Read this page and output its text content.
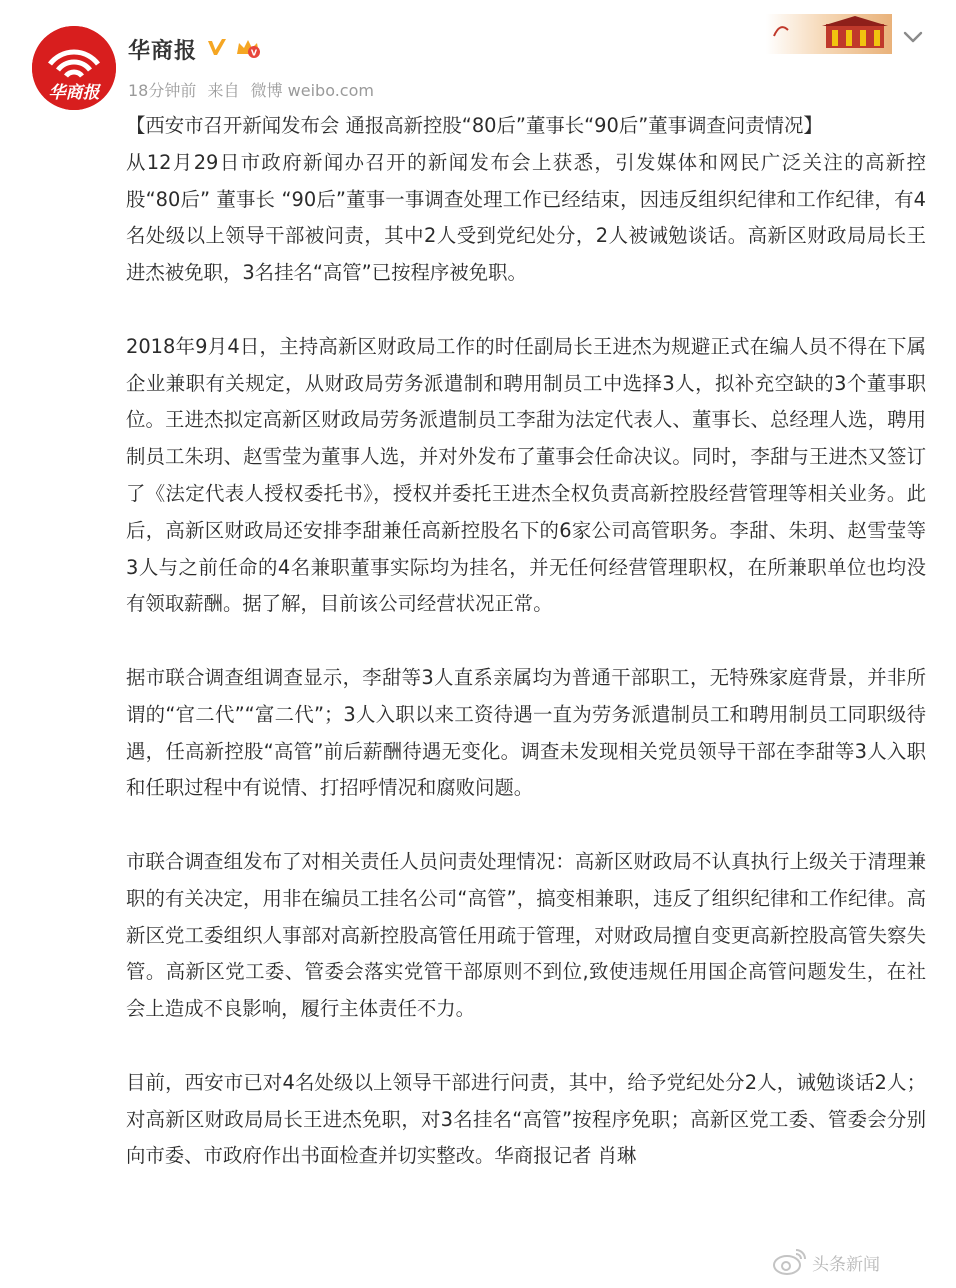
华商报
华商报	V
18分钟前 来自 微博 weibo.com

【西安市召开新闻发布会 通报高新控股“80后”董事长“90后”董事调查问责情况】

从12月29日市政府新闻办召开的新闻发布会上获悉，引发媒体和网民广泛关注的高新控股“80后” 董事长 “90后”董事一事调查处理工作已经结束，因违反组织纪律和工作纪律，有4名处级以上领导干部被问责，其中2人受到党纪处分，2人被诫勉谈话。高新区财政局局长王进杰被免职，3名挂名“高管”已按程序被免职。

2018年9月4日，主持高新区财政局工作的时任副局长王进杰为规避正式在编人员不得在下属企业兼职有关规定，从财政局劳务派遣制和聘用制员工中选择3人，拟补充空缺的3个董事职位。王进杰拟定高新区财政局劳务派遣制员工李甜为法定代表人、董事长、总经理人选，聘用制员工朱玥、赵雪莹为董事人选，并对外发布了董事会任命决议。同时，李甜与王进杰又签订了《法定代表人授权委托书》，授权并委托王进杰全权负责高新控股经营管理等相关业务。此后，高新区财政局还安排李甜兼任高新控股名下的6家公司高管职务。李甜、朱玥、赵雪莹等3人与之前任命的4名兼职董事实际均为挂名，并无任何经营管理职权，在所兼职单位也均没有领取薪酬。据了解，目前该公司经营状况正常。

据市联合调查组调查显示，李甜等3人直系亲属均为普通干部职工，无特殊家庭背景，并非所谓的“官二代”“富二代”；3人入职以来工资待遇一直为劳务派遣制员工和聘用制员工同职级待遇，任高新控股“高管”前后薪酬待遇无变化。调查未发现相关党员领导干部在李甜等3人入职和任职过程中有说情、打招呼情况和腐败问题。

市联合调查组发布了对相关责任人员问责处理情况：高新区财政局不认真执行上级关于清理兼职的有关决定，用非在编员工挂名公司“高管”，搞变相兼职，违反了组织纪律和工作纪律。高新区党工委组织人事部对高新控股高管任用疏于管理，对财政局擅自变更高新控股高管失察失管。高新区党工委、管委会落实党管干部原则不到位,致使违规任用国企高管问题发生，在社会上造成不良影响，履行主体责任不力。

目前，西安市已对4名处级以上领导干部进行问责，其中，给予党纪处分2人，诫勉谈话2人；对高新区财政局局长王进杰免职，对3名挂名“高管”按程序免职；高新区党工委、管委会分别向市委、市政府作出书面检查并切实整改。华商报记者 肖琳

头条新闻
